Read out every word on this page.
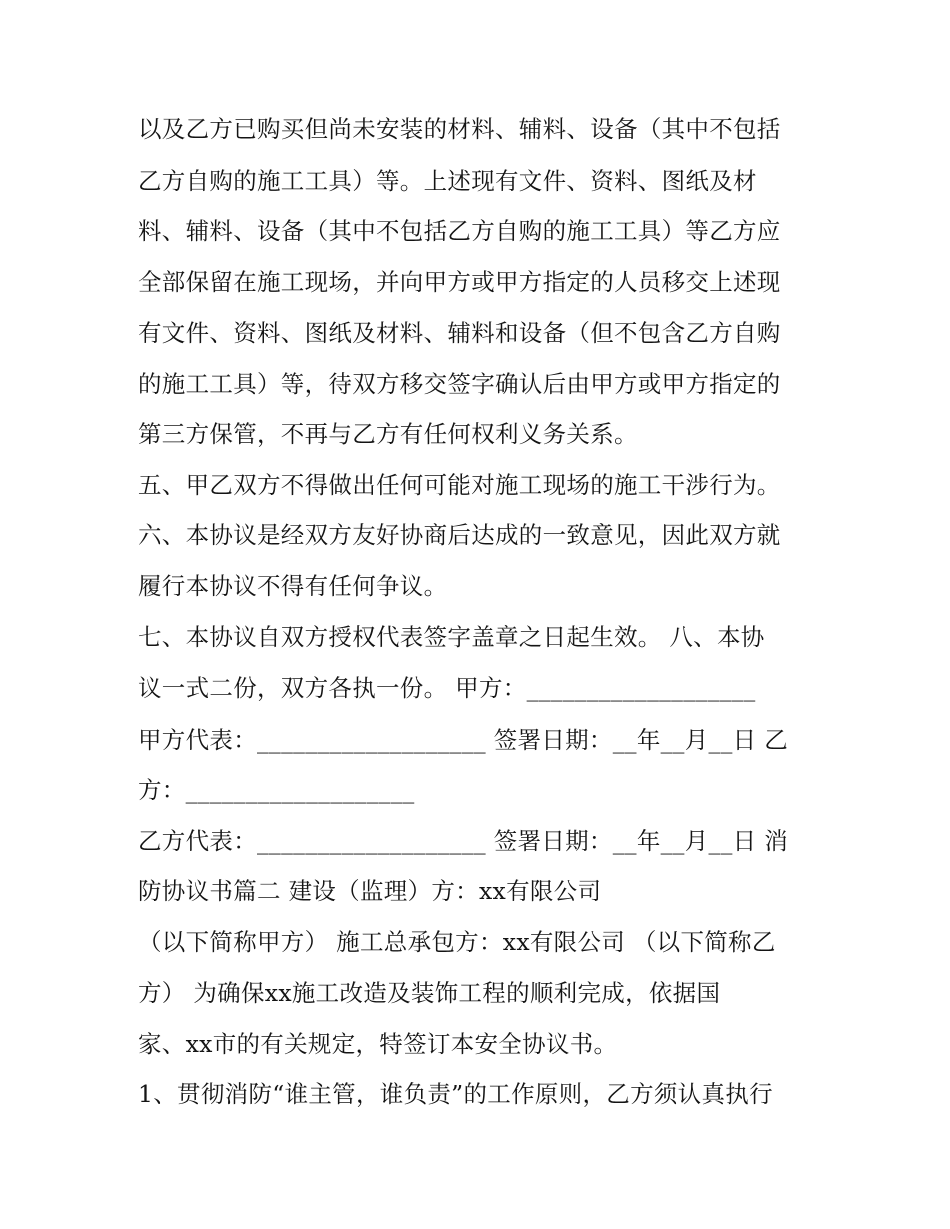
以及乙方已购买但尚未安装的材料、辅料、设备（其中不包括
乙方自购的施工工具）等。上述现有文件、资料、图纸及材
料、辅料、设备（其中不包括乙方自购的施工工具）等乙方应
全部保留在施工现场，并向甲方或甲方指定的人员移交上述现
有文件、资料、图纸及材料、辅料和设备（但不包含乙方自购
的施工工具）等，待双方移交签字确认后由甲方或甲方指定的
第三方保管，不再与乙方有任何权利义务关系。
五、甲乙双方不得做出任何可能对施工现场的施工干涉行为。
六、本协议是经双方友好协商后达成的一致意见，因此双方就
履行本协议不得有任何争议。
七、本协议自双方授权代表签字盖章之日起生效。 八、本协
议一式二份，双方各执一份。 甲方：___________________
甲方代表：___________________ 签署日期：__年__月__日 乙
方：___________________
乙方代表：___________________ 签署日期：__年__月__日 消
防协议书篇二 建设（监理）方：xx有限公司
（以下简称甲方） 施工总承包方：xx有限公司 （以下简称乙
方） 为确保xx施工改造及装饰工程的顺利完成，依据国
家、xx市的有关规定，特签订本安全协议书。
1、贯彻消防“谁主管，谁负责”的工作原则，乙方须认真执行
